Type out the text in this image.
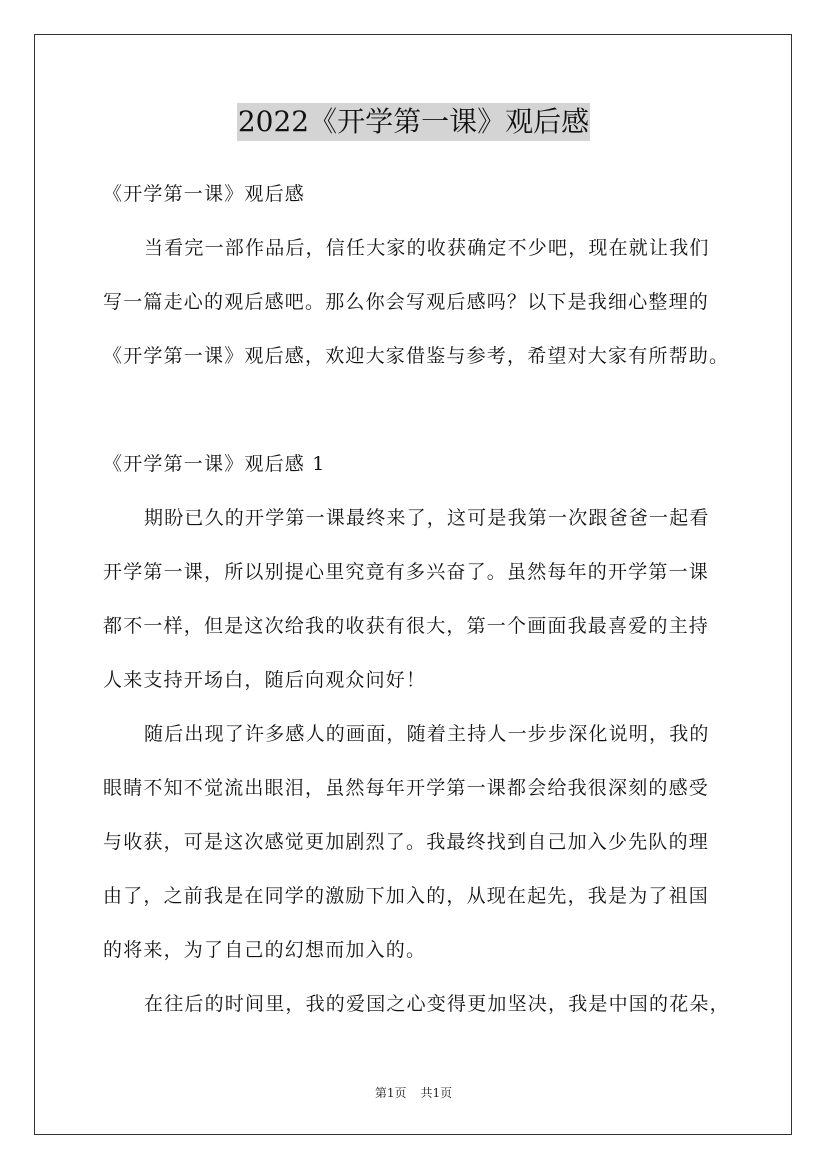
2022《开学第一课》观后感
《开学第一课》观后感
当看完一部作品后，信任大家的收获确定不少吧，现在就让我们
写一篇走心的观后感吧。那么你会写观后感吗？以下是我细心整理的
《开学第一课》观后感，欢迎大家借鉴与参考，希望对大家有所帮助。
《开学第一课》观后感 1
期盼已久的开学第一课最终来了，这可是我第一次跟爸爸一起看
开学第一课，所以别提心里究竟有多兴奋了。虽然每年的开学第一课
都不一样，但是这次给我的收获有很大，第一个画面我最喜爱的主持
人来支持开场白，随后向观众问好！
随后出现了许多感人的画面，随着主持人一步步深化说明，我的
眼睛不知不觉流出眼泪，虽然每年开学第一课都会给我很深刻的感受
与收获，可是这次感觉更加剧烈了。我最终找到自己加入少先队的理
由了，之前我是在同学的激励下加入的，从现在起先，我是为了祖国
的将来，为了自己的幻想而加入的。
在往后的时间里，我的爱国之心变得更加坚决，我是中国的花朵，
第1页 共1页
